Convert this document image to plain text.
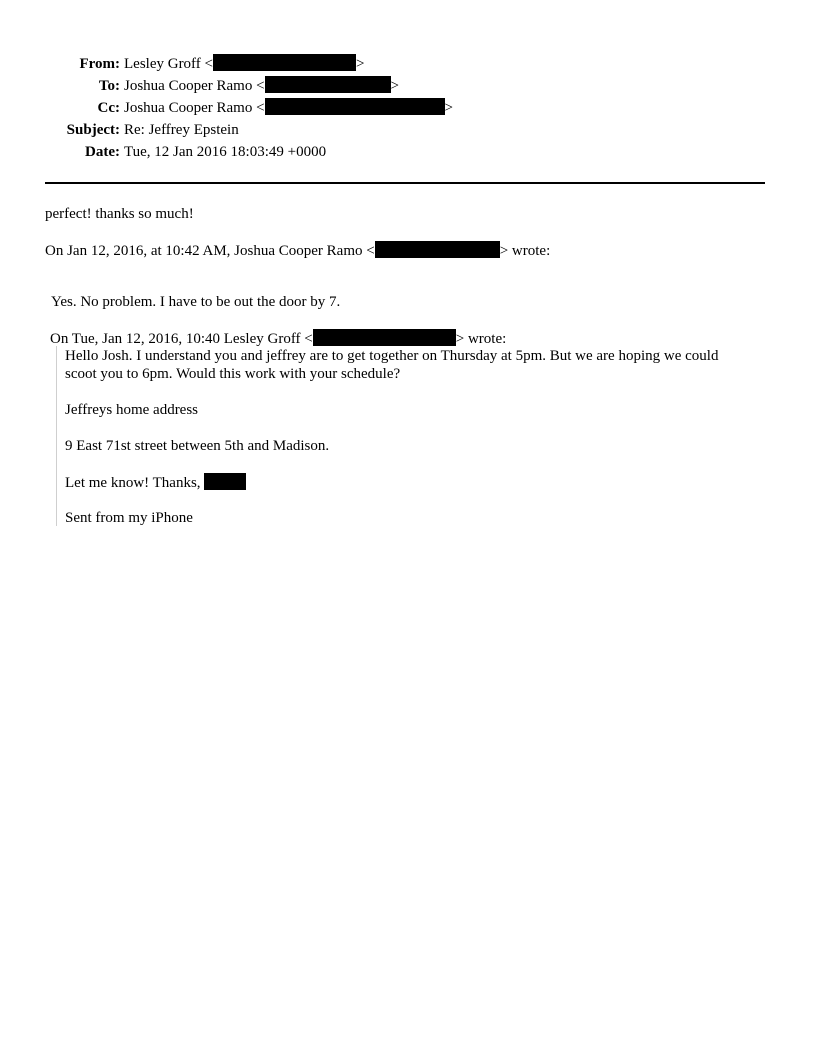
From:	Lesley Groff < >
To:	Joshua Cooper Ramo < >
Cc:	Joshua Cooper Ramo < >
Subject:	Re: Jeffrey Epstein
Date:	Tue, 12 Jan 2016 18:03:49 +0000
perfect! thanks so much!
On Jan 12, 2016, at 10:42 AM, Joshua Cooper Ramo <	> wrote:
Yes. No problem. I have to be out the door by 7.
On Tue, Jan 12, 2016, 10:40 Lesley Groff <	> wrote:
Hello Josh. I understand you and jeffrey are to get together on Thursday at 5pm. But we are hoping we could
scoot you to 6pm. Would this work with your schedule?
Jeffreys home address
9 East 71st street between 5th and Madison.
Let me know! Thanks,
Sent from my iPhone
